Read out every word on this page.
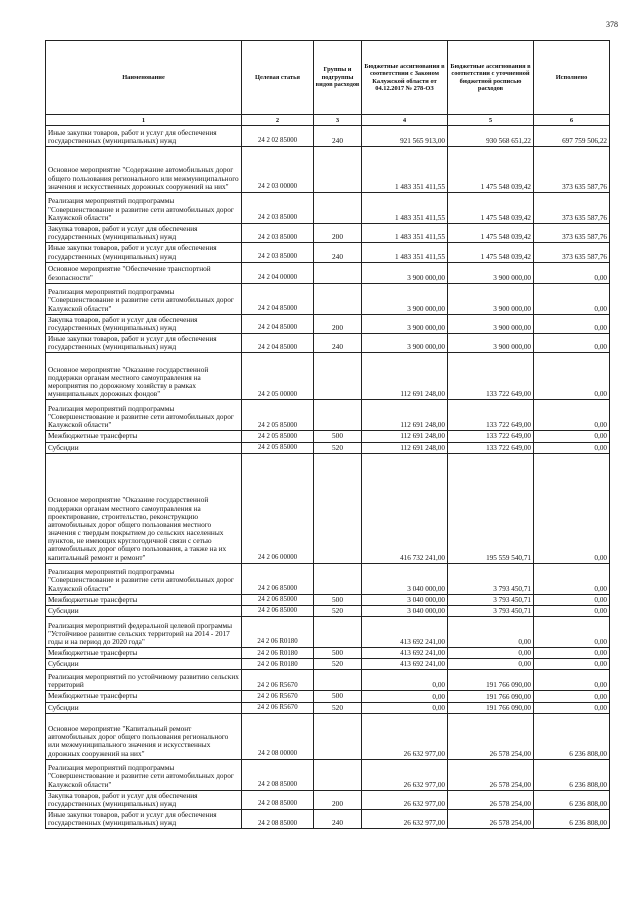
378
Наименование	Целевая статья	Группы и подгруппы видов расходов	Бюджетные ассигнования в соответствии с Законом Калужской области от 04.12.2017 № 278-ОЗ	Бюджетные ассигнования в соответствии с уточненной бюджетной росписью расходов	Исполнено
1	2	3	4	5	6
Иные закупки товаров, работ и услуг для обеспечения государственных (муниципальных) нужд	24 2 02 85000	240	921 565 913,00	930 568 651,22	697 759 506,22
Основное мероприятие "Содержание автомобильных дорог общего пользования регионального или межмуниципального значения и искусственных дорожных сооружений на них"	24 2 03 00000		1 483 351 411,55	1 475 548 039,42	373 635 587,76
Реализация мероприятий подпрограммы "Совершенствование и развитие сети автомобильных дорог Калужской области"	24 2 03 85000		1 483 351 411,55	1 475 548 039,42	373 635 587,76
Закупка товаров, работ и услуг для обеспечения государственных (муниципальных) нужд	24 2 03 85000	200	1 483 351 411,55	1 475 548 039,42	373 635 587,76
Иные закупки товаров, работ и услуг для обеспечения государственных (муниципальных) нужд	24 2 03 85000	240	1 483 351 411,55	1 475 548 039,42	373 635 587,76
Основное мероприятие "Обеспечение транспортной безопасности"	24 2 04 00000		3 900 000,00	3 900 000,00	0,00
Реализация мероприятий подпрограммы "Совершенствование и развитие сети автомобильных дорог Калужской области"	24 2 04 85000		3 900 000,00	3 900 000,00	0,00
Закупка товаров, работ и услуг для обеспечения государственных (муниципальных) нужд	24 2 04 85000	200	3 900 000,00	3 900 000,00	0,00
Иные закупки товаров, работ и услуг для обеспечения государственных (муниципальных) нужд	24 2 04 85000	240	3 900 000,00	3 900 000,00	0,00
Основное мероприятие "Оказание государственной поддержки органам местного самоуправления на мероприятия по дорожному хозяйству в рамках муниципальных дорожных фондов"	24 2 05 00000		112 691 248,00	133 722 649,00	0,00
Реализация мероприятий подпрограммы "Совершенствование и развитие сети автомобильных дорог Калужской области"	24 2 05 85000		112 691 248,00	133 722 649,00	0,00
Межбюджетные трансферты	24 2 05 85000	500	112 691 248,00	133 722 649,00	0,00
Субсидии	24 2 05 85000	520	112 691 248,00	133 722 649,00	0,00
Основное мероприятие "Оказание государственной поддержки органам местного самоуправления на проектирование, строительство, реконструкцию автомобильных дорог общего пользования местного значения с твердым покрытием до сельских населенных пунктов, не имеющих круглогодичной связи с сетью автомобильных дорог общего пользования, а также на их капитальный ремонт и ремонт"	24 2 06 00000		416 732 241,00	195 559 540,71	0,00
Реализация мероприятий подпрограммы "Совершенствование и развитие сети автомобильных дорог Калужской области"	24 2 06 85000		3 040 000,00	3 793 450,71	0,00
Межбюджетные трансферты	24 2 06 85000	500	3 040 000,00	3 793 450,71	0,00
Субсидии	24 2 06 85000	520	3 040 000,00	3 793 450,71	0,00
Реализация мероприятий федеральной целевой программы "Устойчивое развитие сельских территорий на 2014 - 2017 годы и на период до 2020 года"	24 2 06 R0180		413 692 241,00	0,00	0,00
Межбюджетные трансферты	24 2 06 R0180	500	413 692 241,00	0,00	0,00
Субсидии	24 2 06 R0180	520	413 692 241,00	0,00	0,00
Реализация мероприятий по устойчивому развитию сельских территорий	24 2 06 R5670		0,00	191 766 090,00	0,00
Межбюджетные трансферты	24 2 06 R5670	500	0,00	191 766 090,00	0,00
Субсидии	24 2 06 R5670	520	0,00	191 766 090,00	0,00
Основное мероприятие "Капитальный ремонт автомобильных дорог общего пользования регионального или межмуниципального значения и искусственных дорожных сооружений на них"	24 2 08 00000		26 632 977,00	26 578 254,00	6 236 808,00
Реализация мероприятий подпрограммы "Совершенствование и развитие сети автомобильных дорог Калужской области"	24 2 08 85000		26 632 977,00	26 578 254,00	6 236 808,00
Закупка товаров, работ и услуг для обеспечения государственных (муниципальных) нужд	24 2 08 85000	200	26 632 977,00	26 578 254,00	6 236 808,00
Иные закупки товаров, работ и услуг для обеспечения государственных (муниципальных) нужд	24 2 08 85000	240	26 632 977,00	26 578 254,00	6 236 808,00
